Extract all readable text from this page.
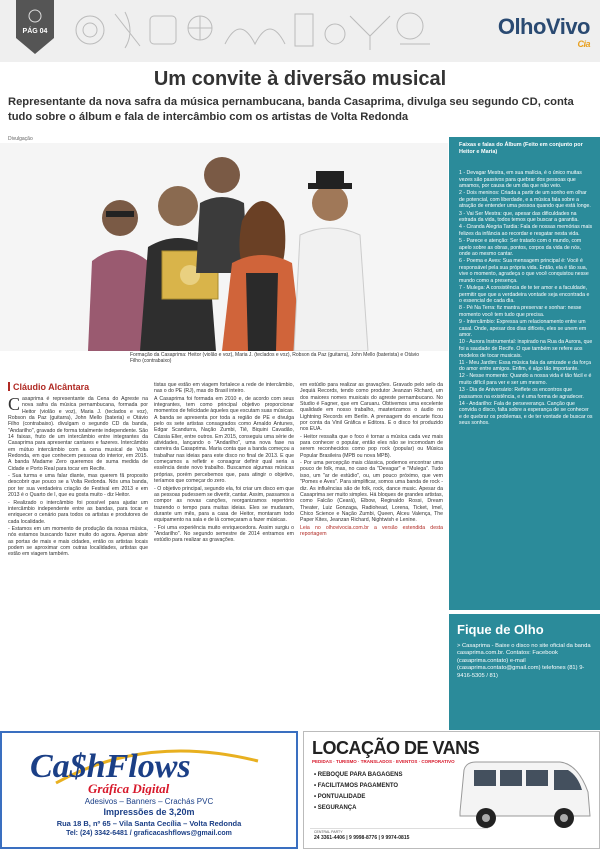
PÁG 04	OlhoVivo
Cia
Um convite à diversão musical
Representante da nova safra da música pernambucana, banda Casaprima, divulga seu segundo CD, conta tudo sobre o álbum e fala de intercâmbio com os artistas de Volta Redonda
Divulgação
Formação da Casaprima: Heitor (violão e voz), Maria J. (teclados e voz), Robson da Paz (guitarra), John Mello (baterista) e Otávio Filho (contrabaixo)
Cláudio Alcântara

Casaprima é representante da Cena do Agreste na nova safra da música pernambucana, formada por Heitor (violão e voz), Maria J. (teclados e voz), Robson da Paz (guitarra), John Mello (bateria) e Otávio Filho (contrabaixo). divulgam o segundo CD da banda, "Andarilho", gravado de forma totalmente independente. São 14 faixas, fruto de um intercâmbio entre integrantes da Casaprima para apresentar cantares e fazeres. Intercâmbio em mútuo intercâmbio com a cena musical de Volta Redonda, em que conhecem pessoas do interior, em 2015. A banda Madame Zero queremos de suma medida de Cidade e Porto Real para tocar em Recife.

- Sua turma e uma falar diante, mas querem fã proposito descobrir que pouco se a Volta Redonda. Nós uma banda, por ter sua verdadeira criação de Festival em 2013 e em 2013 é o Quarto de I, que eu gosta muito - diz Heitor.

- Realizado o intercâmbio foi possível para ajudar um intercâmbio independente entre as bandas, para tocar e enriquecer o cenário para todos os artistas e produtores de cada localidade.

- Estamos em um momento de produção da nossa música, nós estamos buscando fazer muito do agora. Apenas abrir as portas de mais e mais cidades, então os artistas locais podem se aproximar com outras localidades, artistas que estão em viagem também.

tistas que estão em viagem fortalece a rede de intercâmbio, nas o do PE (RJ), mas do Brasil inteiro.

A Casaprima foi formada em 2010 e, de acordo com seus integrantes, tem como principal objetivo proporcionar momentos de felicidade àqueles que escutam suas músicas. A banda se apresenta por toda a região de PE e divulga pelo os sete artistas consagrados como Arnaldo Antunes, Edgar Scandurra, Nação Zumbi, Tiê, Biquini Cavadão, Cássia Eller, entre outros. Em 2015, conseguiu uma série de atividades, lançando o "Andarilho", uma nova fase na carreira da Casaprima. Maria conta que a banda começou a trabalhar nas ideias para este disco no final de 2013. E que começamos a refletir e consagrar definir qual seria a essência deste novo trabalho. Buscamos algumas músicas próprias, porém percebemos que, para atingir o objetivo, teríamos que começar do zero.

- O objetivo principal, segundo ela, foi criar um disco em que as pessoas pudessem se divertir, cantar. Assim, passamos a compor as novas canções, reorganizamos repertório trazendo o tempo para muitas ideias. Eles se mudaram, durante um mês, para a casa de Heitor, montaram todo equipamento na sala e de lá começaram a fazer músicas.

- Foi uma experiência muito enriquecedora. Assim surgiu o "Andarilho". No segundo semestre de 2014 entramos em estúdio para realizar as gravações.

em estúdio para realizar as gravações. Gravado pelo selo da Jequiá Records, tendo como produtor Jeanzan Richard, um dos maiores nomes musicais do agreste pernambucano. No Studio é Fagner, que em Caruaru. Obtivemos uma excelente qualidade em nosso trabalho, masterizamos o áudio no Lightning Records em Berlin. A prensagem do encarte ficou por conta da Vinil Gráfica e Editora. E o disco foi produzido nos EUA.

- Heitor ressalta que o foco é tornar a música cada vez mais para conhecer o popular, então eles não se incomodam de serem reconhecidos como pop rock (popular) ou Música Popular Brasileira (MPB ou nova MPB).

- Por uma percepção mais clássica, podemos encontrar uma pouco de folk, mas, no caso da "Devagar" e "Mulega". Tudo isso, um "ar de estúdio", ou, um pouco próximo, que vem "Pomes e Aves". Para simplificar, somos uma banda de rock - diz. As influências são de folk, rock, dance music. Apesar da Casaprima ser muito simples. Há bloques de grandes artistas, como Falcão (Ceará), Elbow, Reginaldo Rossi, Dream Theater, Luiz Gonzaga, Radiohead, Lorena, Ticket, Imel, Chico Science e Nação Zumbi, Queen, Alceu Valença, The Paper Kites, Jeanzan Richard, Nightwish e Lenine.

Leia no olhovivocia.com.br a versão estendida desta reportagem

Faixas e falas do Álbum (Feito em conjunto por Heitor e Maria)

1 - Devagar Mestra, em sua malícia, é o único muitas vezes são passivos para quebrar dos pessoas que amamos, por causa de um dia que não veio.

2 - Dois meninos: Criada a partir de um sonho em olhar de potencial, com liberdade, e a música fala sobre a atração de entender uma pessoa quando que está longe.

3 - Vai Ser Mestra: que, apesar das dificuldades na estrada da vida, todos temos que buscar a garantia.

4 - Ciranda Alegria Tardia: Fala de nossas memórias mais felizes da infância ao recordar e resgatar nesta vida.

5 - Parece e atenção: Ser tratado com o mundo, com apelo sobre as obras, pontos, corpos da vida de nós, onde ao mesmo cantar.

6 - Poema e Aves: Sua mensagem principal é: Você é responsável pela sua própria vida. Então, ela é tão sua, vive o momento, agradeça o que você conquistou nesse mundo como a presença.

7 - Mulega: A consistência de te ter amor e a faculdade, permitir que que a verdadeira vontade seja encontrada e o essencial de cada dia.

8 - Pé Na Terra: fiz mantra preservar e sonhar: nesse momento você tem tudo que precisa.

9 - Intercâmbio: Expressa um relacionamento entre um casal. Onde, apesar dos dias difíceis, eles se unem em amor.

10 - Aurora Instrumental: inspirado na Rua da Aurora, que foi a saudade de Recife. O que também se refere aos modelos de tocar musicais.

11 - Meu Jardim: Essa música fala da amizade e da força do amor entre amigos. Enfim, é algo tão importante.

12 - Nesse momento: Quando a nossa vida é tão fácil e é muito difícil para ver e ser um mesmo.

13 - Dia de Aniversário: Reflete os encontros que passamos na existência, e é uma forma de agradecer.

14 - Andarilho: Fala de perseverança. Canção que convida o disco, falta sobre a esperança de se conhecer e de quebrar os problemas, e de ter vontade de buscar os seus sonhos.

Fique de Olho
> Casaprima - Baixe o disco no site oficial da banda casaprima.com.br. Contatos: Facebook (casaprima.contato) e-mail (casaprima.contato@gmail.com) telefones (81) 9-9416-5305 / 81)
Ca$hFlows
Gráfica Digital
Adesivos – Banners – Crachás PVC
Impressões de 3,20m
Rua 18 B, nº 65 – Vila Santa Cecília – Volta Redonda
Tel: (24) 3342-6481 / graficacashflows@gmail.com
LOCAÇÃO DE VANS
PEDIDAS · TURISMO · TRANSLADOS · EVENTOS · CORPORATIVO
• REBOQUE PARA BAGAGENS
• FACILITAMOS PAGAMENTO
• PONTUALIDADE
• SEGURANÇA
CENTRAL PARTY
24 3361-4406 | 9 9998-8776 | 9 9974-0815
